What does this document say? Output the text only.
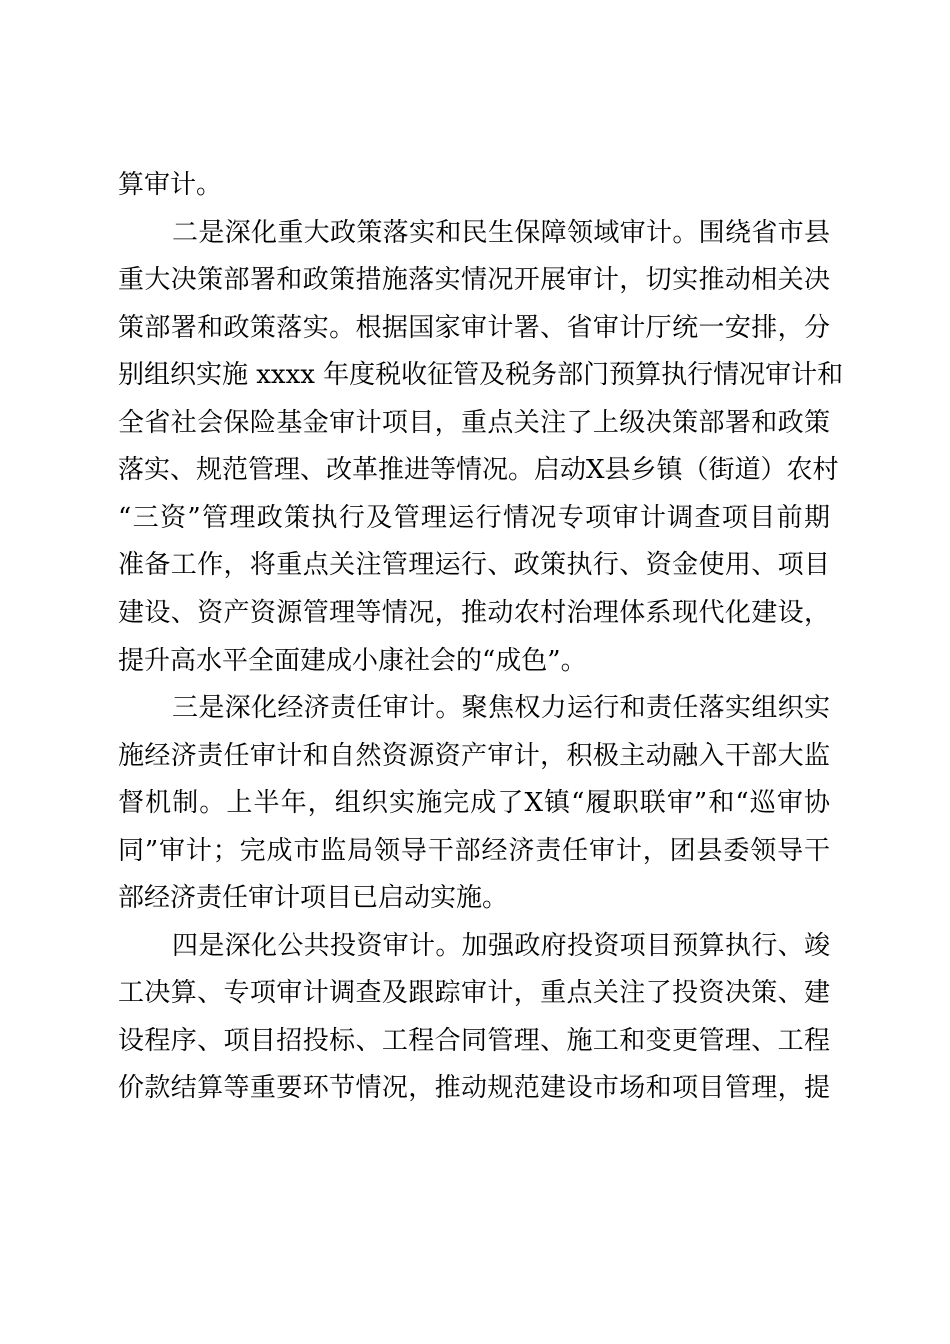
算审计。
二是深化重大政策落实和民生保障领域审计。围绕省市县
重大决策部署和政策措施落实情况开展审计，切实推动相关决
策部署和政策落实。根据国家审计署、省审计厅统一安排，分
别组织实施 xxxx 年度税收征管及税务部门预算执行情况审计和
全省社会保险基金审计项目，重点关注了上级决策部署和政策
落实、规范管理、改革推进等情况。启动X县乡镇（街道）农村
“三资”管理政策执行及管理运行情况专项审计调查项目前期
准备工作，将重点关注管理运行、政策执行、资金使用、项目
建设、资产资源管理等情况，推动农村治理体系现代化建设，
提升高水平全面建成小康社会的“成色”。
三是深化经济责任审计。聚焦权力运行和责任落实组织实
施经济责任审计和自然资源资产审计，积极主动融入干部大监
督机制。上半年，组织实施完成了X镇“履职联审”和“巡审协
同”审计；完成市监局领导干部经济责任审计，团县委领导干
部经济责任审计项目已启动实施。
四是深化公共投资审计。加强政府投资项目预算执行、竣
工决算、专项审计调查及跟踪审计，重点关注了投资决策、建
设程序、项目招投标、工程合同管理、施工和变更管理、工程
价款结算等重要环节情况，推动规范建设市场和项目管理，提
